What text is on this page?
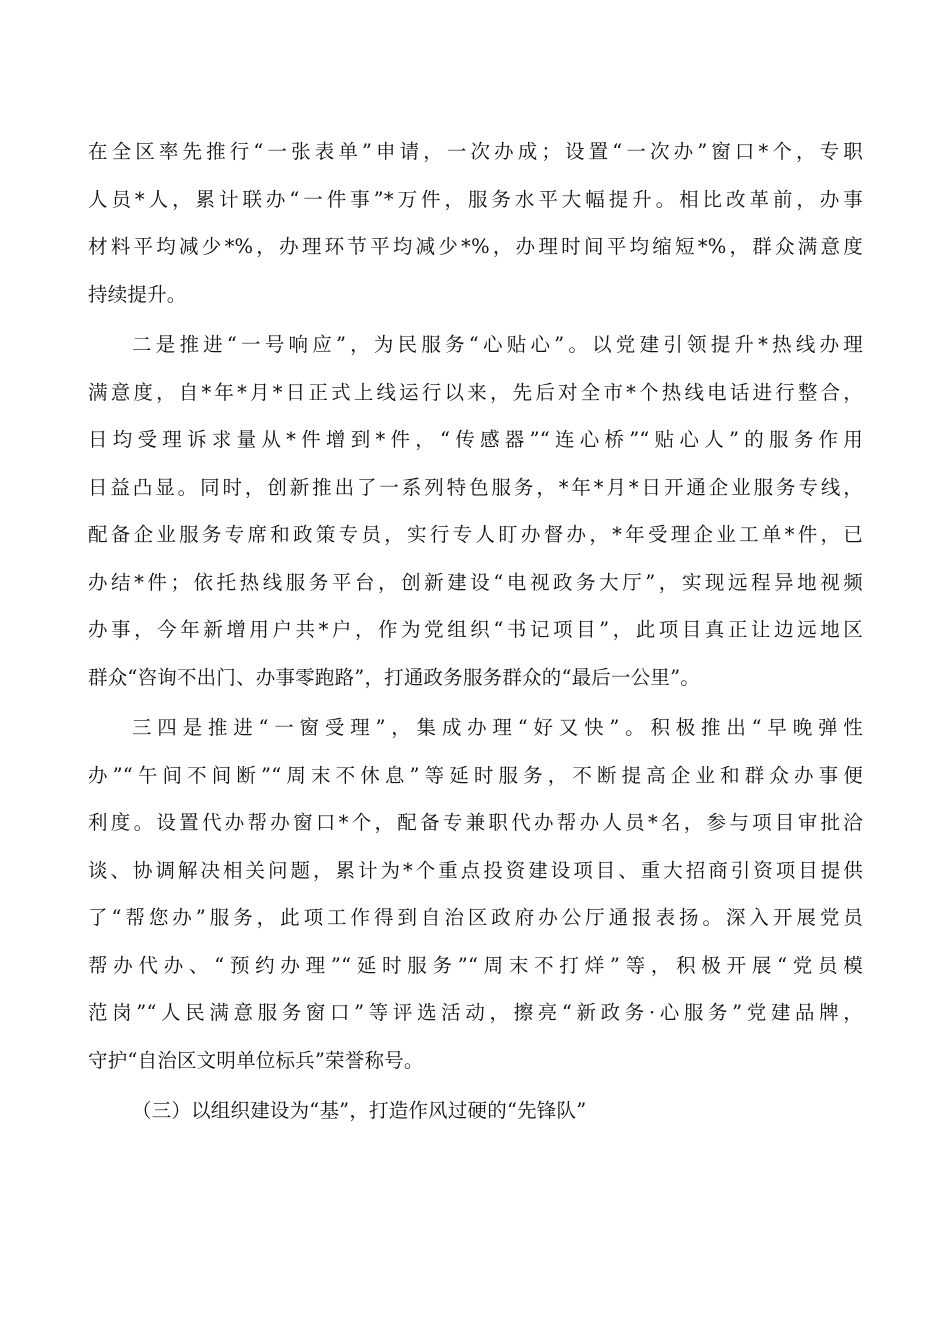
在全区率先推行“一张表单”申请，一次办成；设置“一次办”窗口*个，专职
人员*人，累计联办“一件事”*万件，服务水平大幅提升。相比改革前，办事
材料平均减少*%，办理环节平均减少*%，办理时间平均缩短*%，群众满意度
持续提升。
二是推进“一号响应”，为民服务“心贴心”。以党建引领提升*热线办理
满意度，自*年*月*日正式上线运行以来，先后对全市*个热线电话进行整合，
日均受理诉求量从*件增到*件，“传感器”“连心桥”“贴心人”的服务作用
日益凸显。同时，创新推出了一系列特色服务，*年*月*日开通企业服务专线，
配备企业服务专席和政策专员，实行专人盯办督办，*年受理企业工单*件，已
办结*件；依托热线服务平台，创新建设“电视政务大厅”，实现远程异地视频
办事，今年新增用户共*户，作为党组织“书记项目”，此项目真正让边远地区
群众“咨询不出门、办事零跑路”，打通政务服务群众的“最后一公里”。
三四是推进“一窗受理”，集成办理“好又快”。积极推出“早晚弹性
办”“午间不间断”“周末不休息”等延时服务，不断提高企业和群众办事便
利度。设置代办帮办窗口*个，配备专兼职代办帮办人员*名，参与项目审批洽
谈、协调解决相关问题，累计为*个重点投资建设项目、重大招商引资项目提供
了“帮您办”服务，此项工作得到自治区政府办公厅通报表扬。深入开展党员
帮办代办、“预约办理”“延时服务”“周末不打烊”等，积极开展“党员模
范岗”“人民满意服务窗口”等评选活动，擦亮“新政务·心服务”党建品牌，
守护“自治区文明单位标兵”荣誉称号。
（三）以组织建设为“基”，打造作风过硬的“先锋队”
